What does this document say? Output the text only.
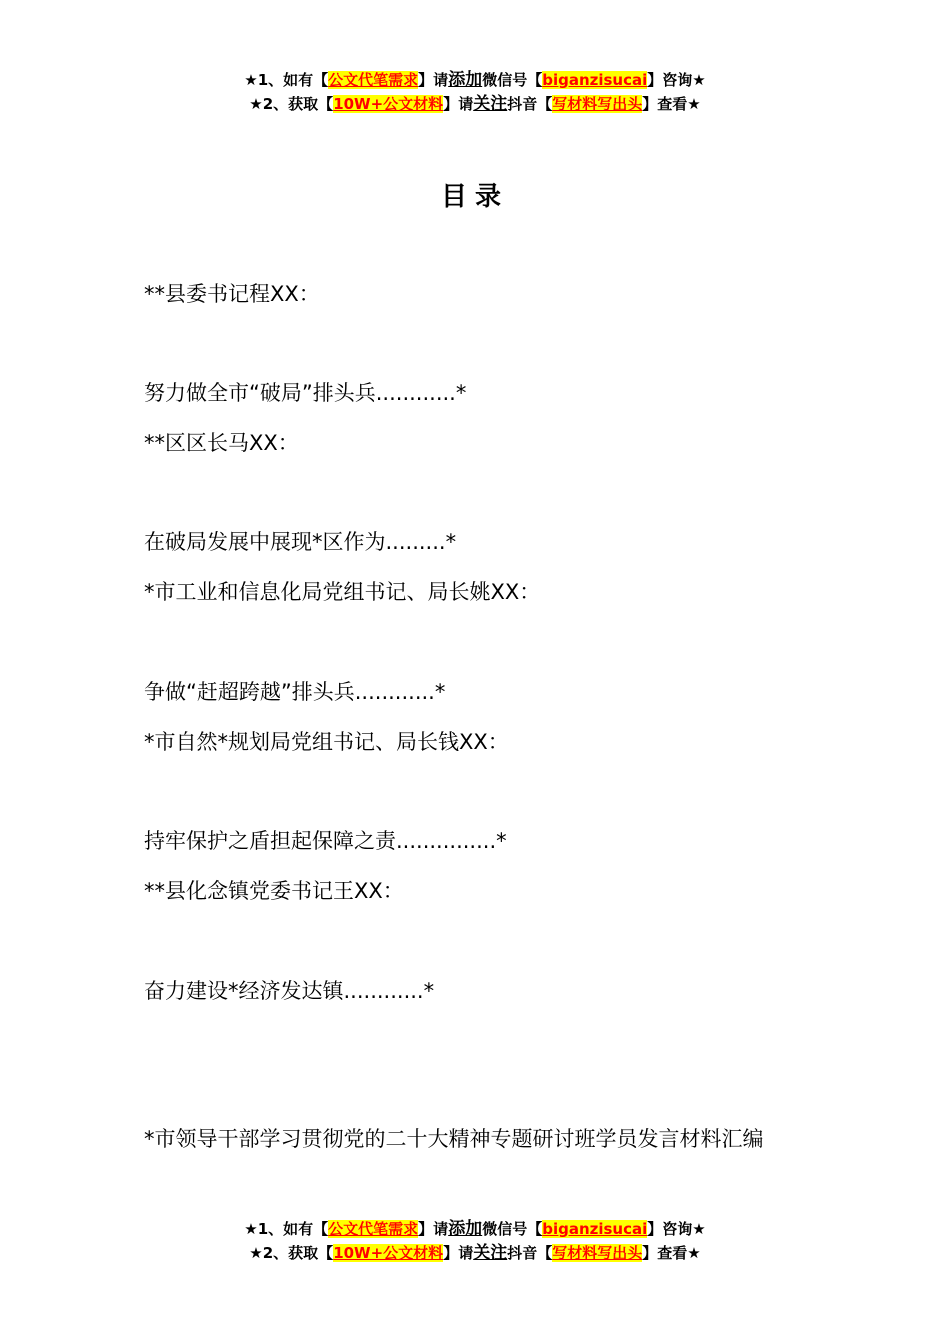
★1、如有【公文代笔需求】请添加微信号【biganzisucai】咨询★
★2、获取【10W+公文材料】请关注抖音【写材料写出头】查看★
目录
**县委书记程XX：
努力做全市“破局”排头兵............*
**区区长马XX：
在破局发展中展现*区作为.........*
*市工业和信息化局党组书记、局长姚XX：
争做“赶超跨越”排头兵............*
*市自然*规划局党组书记、局长钱XX：
持牢保护之盾担起保障之责...............*
**县化念镇党委书记王XX：
奋力建设*经济发达镇............*
*市领导干部学习贯彻党的二十大精神专题研讨班学员发言材料汇编
★1、如有【公文代笔需求】请添加微信号【biganzisucai】咨询★
★2、获取【10W+公文材料】请关注抖音【写材料写出头】查看★
